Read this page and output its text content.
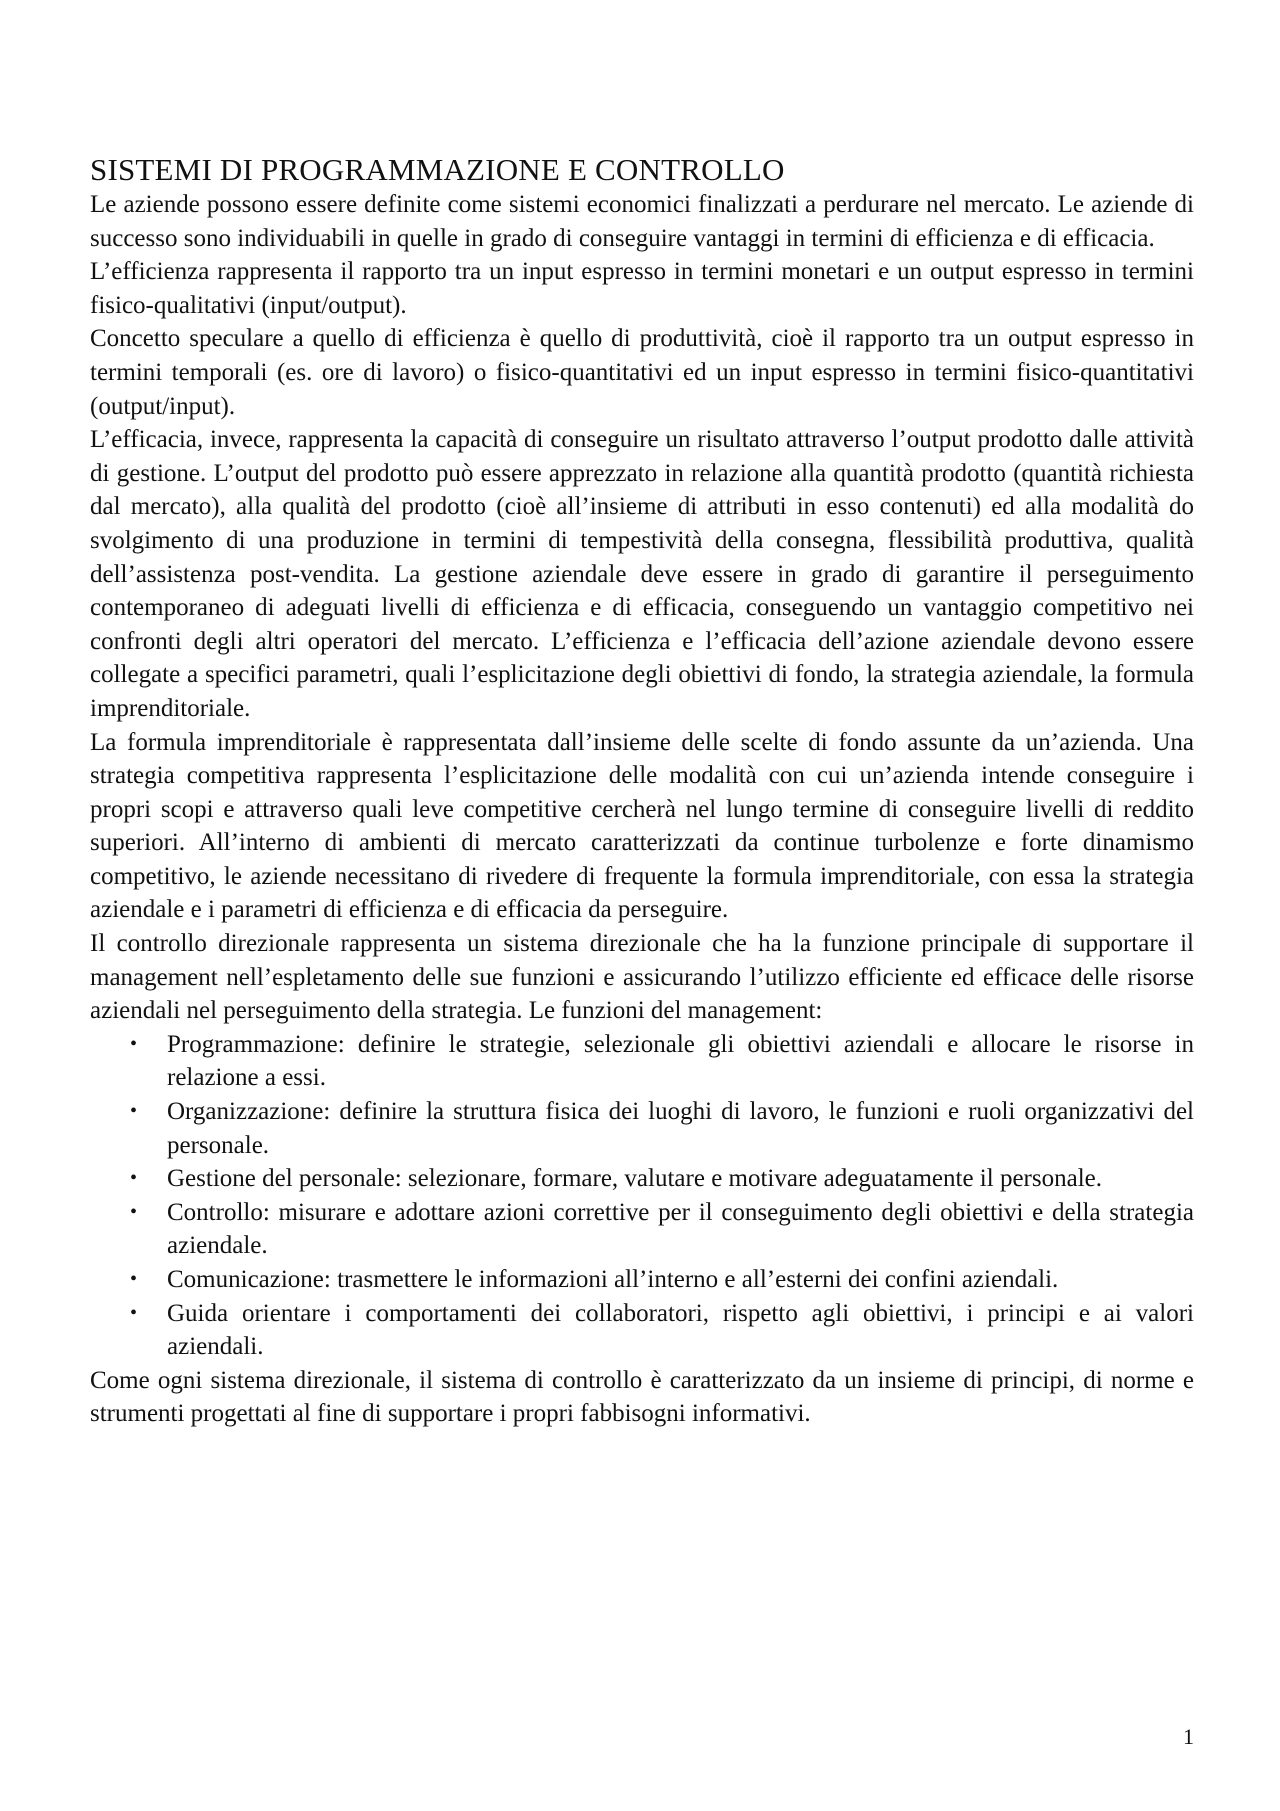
SISTEMI DI PROGRAMMAZIONE E CONTROLLO

Le aziende possono essere definite come sistemi economici finalizzati a perdurare nel mercato. Le aziende di successo sono individuabili in quelle in grado di conseguire vantaggi in termini di efficienza e di efficacia.

L’efficienza rappresenta il rapporto tra un input espresso in termini monetari e un output espresso in termini fisico-qualitativi (input/output).

Concetto speculare a quello di efficienza è quello di produttività, cioè il rapporto tra un output espresso in termini temporali (es. ore di lavoro) o fisico-quantitativi ed un input espresso in termini fisico-quantitativi (output/input).

L’efficacia, invece, rappresenta la capacità di conseguire un risultato attraverso l’output prodotto dalle attività di gestione. L’output del prodotto può essere apprezzato in relazione alla quantità prodotto (quantità richiesta dal mercato), alla qualità del prodotto (cioè all’insieme di attributi in esso contenuti) ed alla modalità do svolgimento di una produzione in termini di tempestività della consegna, flessibilità produttiva, qualità dell’assistenza post-vendita. La gestione aziendale deve essere in grado di garantire il perseguimento contemporaneo di adeguati livelli di efficienza e di efficacia, conseguendo un vantaggio competitivo nei confronti degli altri operatori del mercato. L’efficienza e l’efficacia dell’azione aziendale devono essere collegate a specifici parametri, quali l’esplicitazione degli obiettivi di fondo, la strategia aziendale, la formula imprenditoriale.

La formula imprenditoriale è rappresentata dall’insieme delle scelte di fondo assunte da un’azienda. Una strategia competitiva rappresenta l’esplicitazione delle modalità con cui un’azienda intende conseguire i propri scopi e attraverso quali leve competitive cercherà nel lungo termine di conseguire livelli di reddito superiori. All’interno di ambienti di mercato caratterizzati da continue turbolenze e forte dinamismo competitivo, le aziende necessitano di rivedere di frequente la formula imprenditoriale, con essa la strategia aziendale e i parametri di efficienza e di efficacia da perseguire.

Il controllo direzionale rappresenta un sistema direzionale che ha la funzione principale di supportare il management nell’espletamento delle sue funzioni e assicurando l’utilizzo efficiente ed efficace delle risorse aziendali nel perseguimento della strategia. Le funzioni del management:

• Programmazione: definire le strategie, selezionale gli obiettivi aziendali e allocare le risorse in relazione a essi.
• Organizzazione: definire la struttura fisica dei luoghi di lavoro, le funzioni e ruoli organizzativi del personale.
• Gestione del personale: selezionare, formare, valutare e motivare adeguatamente il personale.
• Controllo: misurare e adottare azioni correttive per il conseguimento degli obiettivi e della strategia aziendale.
• Comunicazione: trasmettere le informazioni all’interno e all’esterni dei confini aziendali.
• Guida orientare i comportamenti dei collaboratori, rispetto agli obiettivi, i principi e ai valori aziendali.

Come ogni sistema direzionale, il sistema di controllo è caratterizzato da un insieme di principi, di norme e strumenti progettati al fine di supportare i propri fabbisogni informativi.

1
